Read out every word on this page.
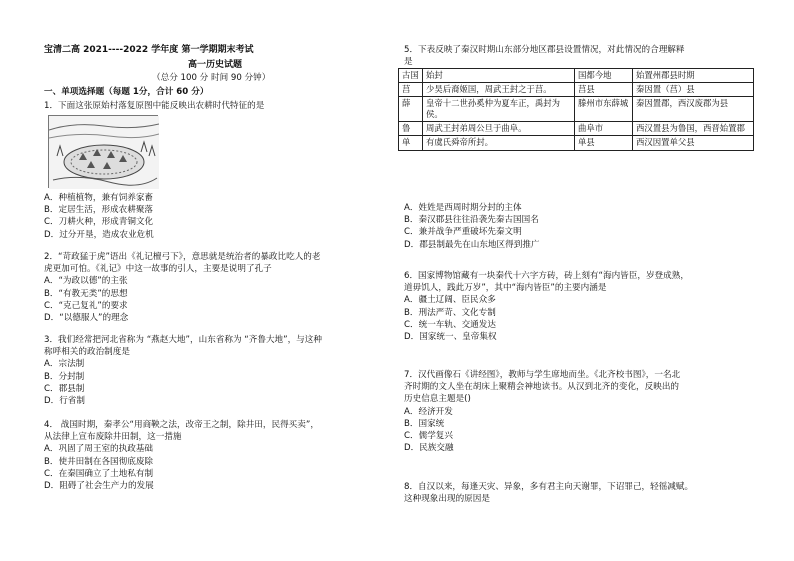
宝清二高 2021----2022 学年度 第一学期期末考试

高一历史试题

（总分 100 分 时间 90 分钟）

一、单项选择题（每题 1分，合计 60 分）

1．下面这张原始村落复原图中能反映出农耕时代特征的是

A．种植植物，兼有饲养家畜

B．定居生活，形成农耕聚落

C．刀耕火种，形成青铜文化

D．过分开垦，造成农业危机

2．“苛政猛于虎”语出《礼记檀弓下》，意思就是统治者的暴政比吃人的老

虎更加可怕。《礼记》中这一故事的引人，主要是说明了孔子

A．“为政以德”的主张

B．“有教无类”的思想

C．“克己复礼”的要求

D．“以德服人”的理念

3．我们经常把河北省称为 “燕赵大地”，山东省称为 “齐鲁大地”，与这种

称呼相关的政治制度是

A．宗法制

B．分封制

C．郡县制

D．行省制

4． 战国时期，秦孝公“用商鞅之法，改帝王之制，除井田，民得买卖”，

从法律上宣布废除井田制，这一措施

A．巩固了周王室的执政基础

B．使井田制在各国彻底废除

C．在秦国确立了土地私有制

D．阻碍了社会生产力的发展

5．下表反映了秦汉时期山东部分地区郡县设置情况，对此情况的合理解释

是

古国	始封	国都今地	始置州郡县时期
莒	少昊后裔姬国，周武王封之于莒。	莒县	秦因置（莒）县
薛	皇帝十二世孙奚仲为夏车正，禹封为侯。	滕州市东薛城	秦因置郡，西汉废郡为县
鲁	周武王封弟周公旦于曲阜。	曲阜市	西汉置县为鲁国，西晋始置郡
单	有虞氏舜帝所封。	单县	西汉因置单父县

A．姓姓是西周时期分封的主体

B．秦汉郡县往往沿袭先秦古国国名

C．兼并战争严重破坏先秦文明

D．郡县制最先在山东地区得到推广

6．国家博物馆藏有一块秦代十六字方砖，砖上刻有“海内皆臣，岁登成熟，

道毋饥人，践此万岁”，其中“海内皆臣”的主要内涵是

A．疆土辽阔、臣民众多

B．刑法严苛、文化专制

C．统一车轨、交通发达

D．国家统一、皇帝集权

7．汉代画像石《讲经图》，教师与学生席地而坐。《北齐校书图》，一名北

齐时期的文人坐在胡床上聚精会神地读书。从汉到北齐的变化，反映出的

历史信息主题是()

A．经济开发

B．国家统

C．儒学复兴

D．民族交融

8．自汉以来，每逢天灾、异象，多有君主向天谢罪，下诏罪己，轻徭减赋。

这种现象出现的原因是
